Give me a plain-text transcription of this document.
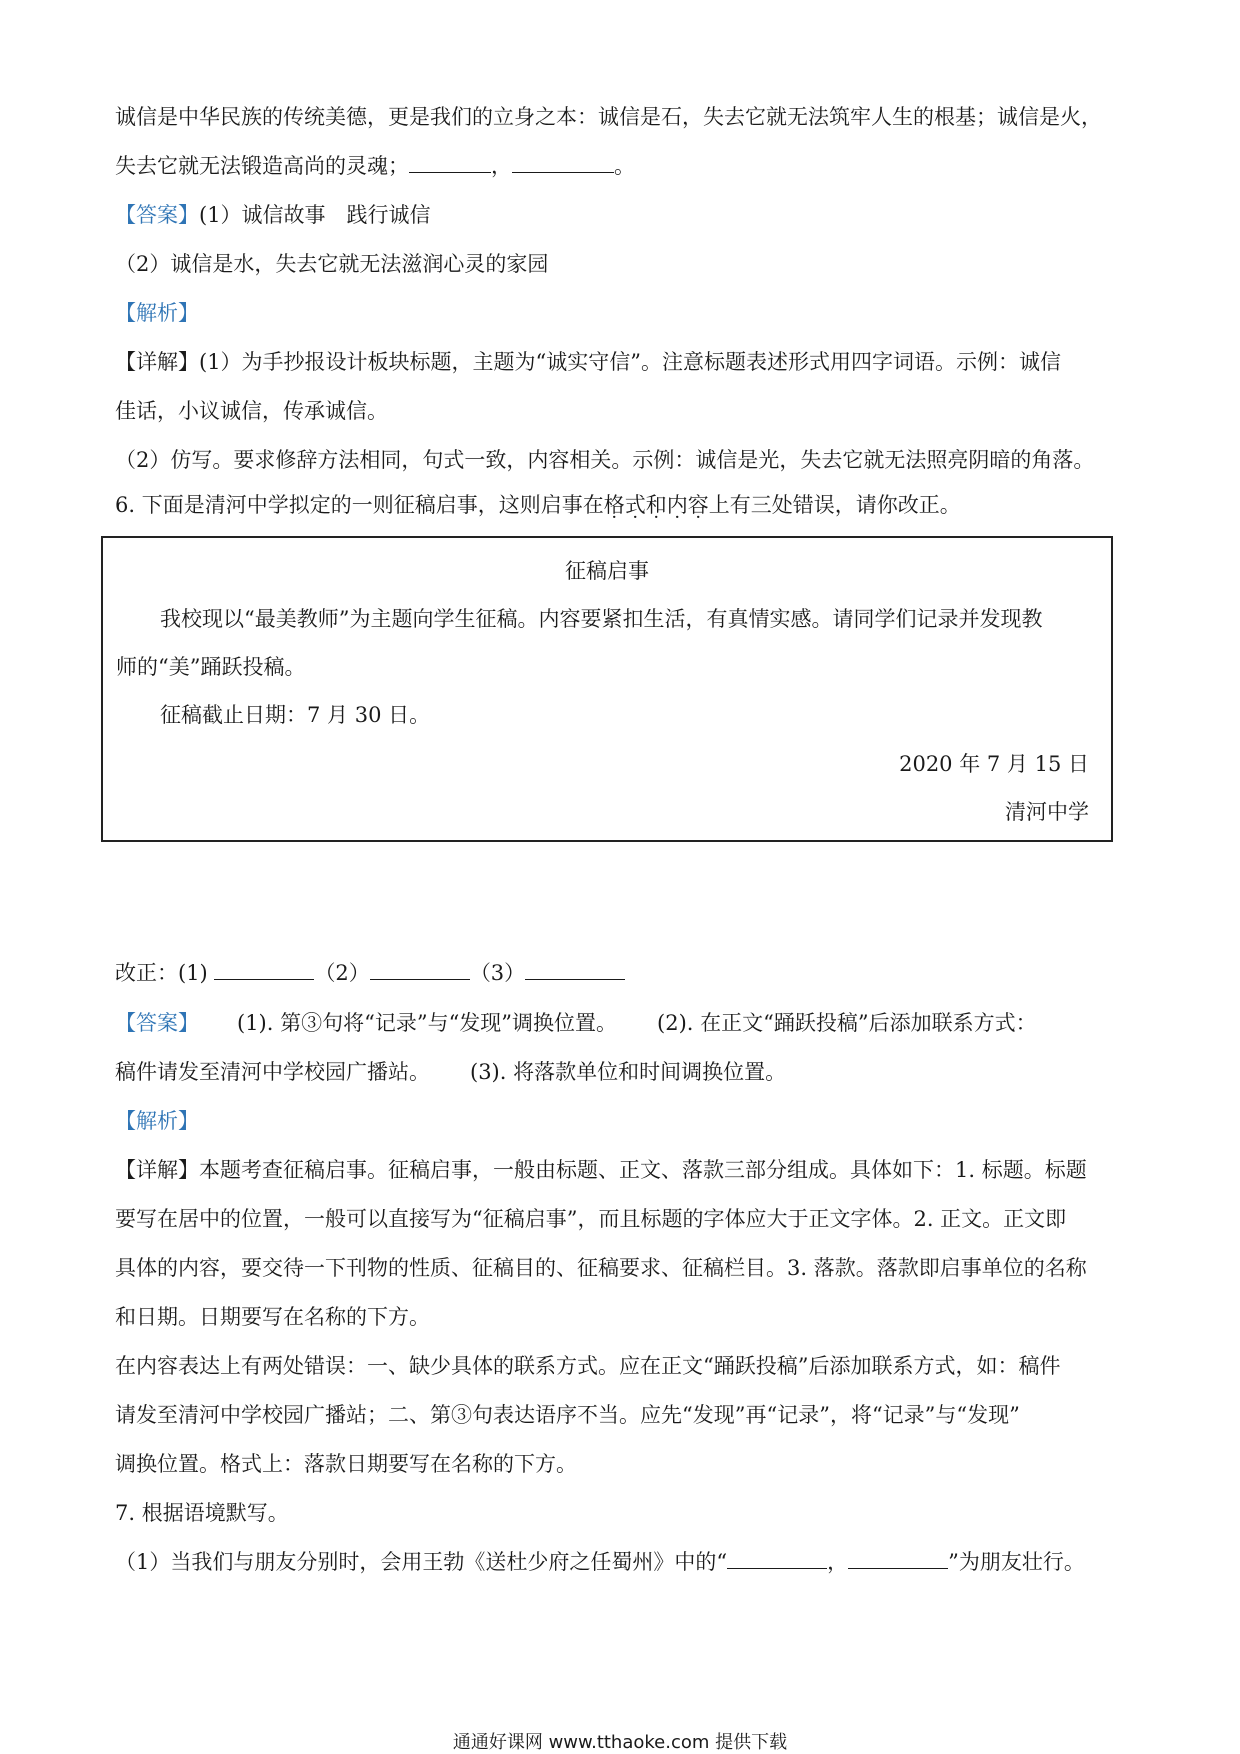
诚信是中华民族的传统美德，更是我们的立身之本：诚信是石，失去它就无法筑牢人生的根基；诚信是火，
失去它就无法锻造高尚的灵魂；	，	。
【答案】(1）诚信故事　践行诚信
（2）诚信是水，失去它就无法滋润心灵的家园
【解析】
【详解】(1）为手抄报设计板块标题，主题为“诚实守信”。注意标题表述形式用四字词语。示例：诚信
佳话，小议诚信，传承诚信。
（2）仿写。要求修辞方法相同，句式一致，内容相关。示例：诚信是光，失去它就无法照亮阴暗的角落。
6. 下面是清河中学拟定的一则征稿启事，这则启事在格式和内容上有三处错误，请你改正。
征稿启事
我校现以“最美教师”为主题向学生征稿。内容要紧扣生活，有真情实感。请同学们记录并发现教
师的“美”踊跃投稿。
征稿截止日期：7 月 30 日。
2020 年 7 月 15 日
清河中学
改正：(1)	（2）	（3）
【答案】 (1). 第③句将“记录”与“发现”调换位置。 (2). 在正文“踊跃投稿”后添加联系方式：
稿件请发至清河中学校园广播站。 (3). 将落款单位和时间调换位置。
【解析】
【详解】本题考查征稿启事。征稿启事，一般由标题、正文、落款三部分组成。具体如下：1. 标题。标题
要写在居中的位置，一般可以直接写为“征稿启事”，而且标题的字体应大于正文字体。2. 正文。正文即
具体的内容，要交待一下刊物的性质、征稿目的、征稿要求、征稿栏目。3. 落款。落款即启事单位的名称
和日期。日期要写在名称的下方。
在内容表达上有两处错误：一、缺少具体的联系方式。应在正文“踊跃投稿”后添加联系方式，如：稿件
请发至清河中学校园广播站；二、第③句表达语序不当。应先“发现”再“记录”，将“记录”与“发现”
调换位置。格式上：落款日期要写在名称的下方。
7. 根据语境默写。
（1）当我们与朋友分别时，会用王勃《送杜少府之任蜀州》中的“	，	”为朋友壮行。
通通好课网 www.tthaoke.com 提供下载
